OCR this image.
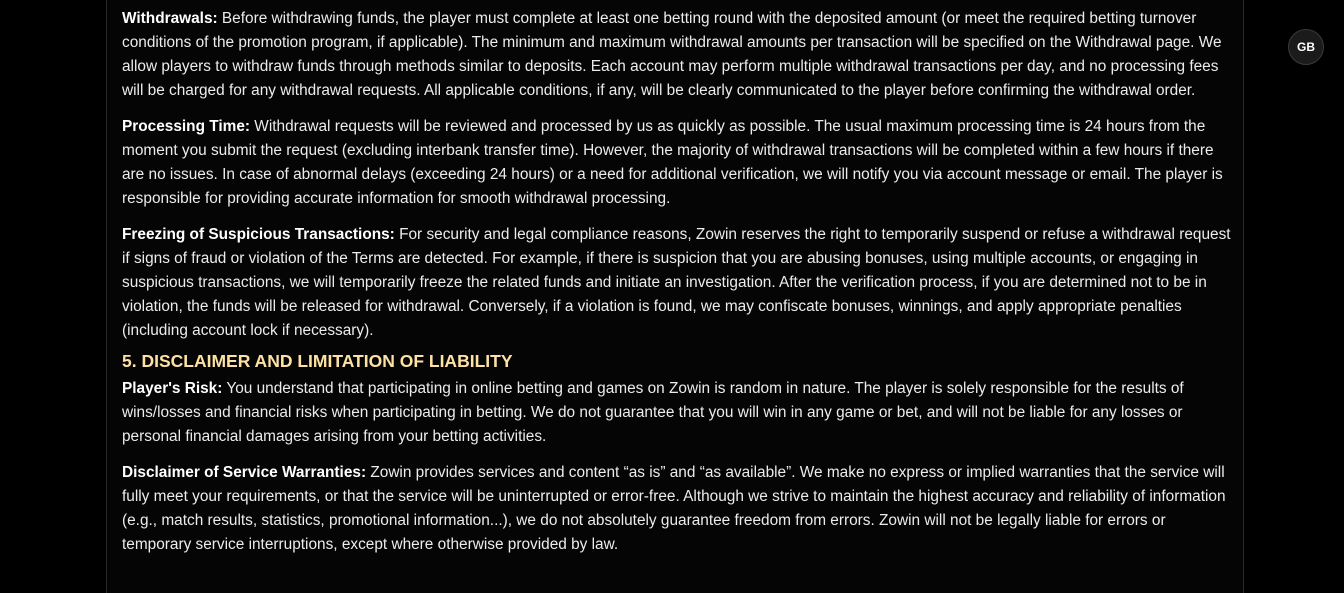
Withdrawals: Before withdrawing funds, the player must complete at least one betting round with the deposited amount (or meet the required betting turnover conditions of the promotion program, if applicable). The minimum and maximum withdrawal amounts per transaction will be specified on the Withdrawal page. We allow players to withdraw funds through methods similar to deposits. Each account may perform multiple withdrawal transactions per day, and no processing fees will be charged for any withdrawal requests. All applicable conditions, if any, will be clearly communicated to the player before confirming the withdrawal order.

Processing Time: Withdrawal requests will be reviewed and processed by us as quickly as possible. The usual maximum processing time is 24 hours from the moment you submit the request (excluding interbank transfer time). However, the majority of withdrawal transactions will be completed within a few hours if there are no issues. In case of abnormal delays (exceeding 24 hours) or a need for additional verification, we will notify you via account message or email. The player is responsible for providing accurate information for smooth withdrawal processing.

Freezing of Suspicious Transactions: For security and legal compliance reasons, Zowin reserves the right to temporarily suspend or refuse a withdrawal request if signs of fraud or violation of the Terms are detected. For example, if there is suspicion that you are abusing bonuses, using multiple accounts, or engaging in suspicious transactions, we will temporarily freeze the related funds and initiate an investigation. After the verification process, if you are determined not to be in violation, the funds will be released for withdrawal. Conversely, if a violation is found, we may confiscate bonuses, winnings, and apply appropriate penalties (including account lock if necessary).

5. DISCLAIMER AND LIMITATION OF LIABILITY

Player's Risk: You understand that participating in online betting and games on Zowin is random in nature. The player is solely responsible for the results of wins/losses and financial risks when participating in betting. We do not guarantee that you will win in any game or bet, and will not be liable for any losses or personal financial damages arising from your betting activities.

Disclaimer of Service Warranties: Zowin provides services and content “as is” and “as available”. We make no express or implied warranties that the service will fully meet your requirements, or that the service will be uninterrupted or error-free. Although we strive to maintain the highest accuracy and reliability of information (e.g., match results, statistics, promotional information...), we do not absolutely guarantee freedom from errors. Zowin will not be legally liable for errors or temporary service interruptions, except where otherwise provided by law.

GB
